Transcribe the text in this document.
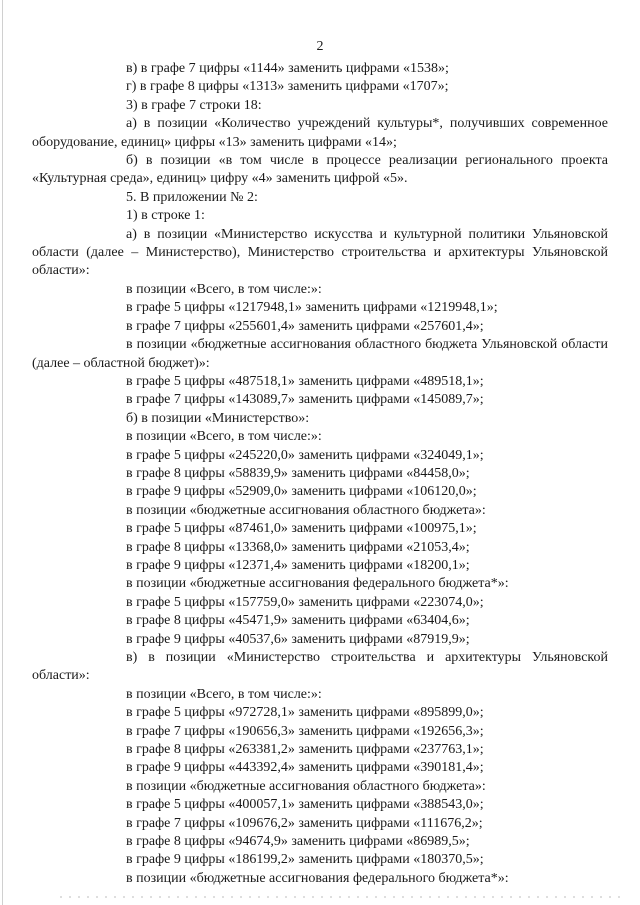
2

в) в графе 7 цифры «1144» заменить цифрами «1538»;

г) в графе 8 цифры «1313» заменить цифрами «1707»;

3) в графе 7 строки 18:

а) в позиции «Количество учреждений культуры*, получивших современное оборудование, единиц» цифры «13» заменить цифрами «14»;

б) в позиции «в том числе в процессе реализации регионального проекта «Культурная среда», единиц» цифру «4» заменить цифрой «5».

5. В приложении № 2:

1) в строке 1:

а) в позиции «Министерство искусства и культурной политики Ульяновской области (далее – Министерство), Министерство строительства и архитектуры Ульяновской области»:

в позиции «Всего, в том числе:»:

в графе 5 цифры «1217948,1» заменить цифрами «1219948,1»;

в графе 7 цифры «255601,4» заменить цифрами «257601,4»;

в позиции «бюджетные ассигнования областного бюджета Ульяновской области (далее – областной бюджет)»:

в графе 5 цифры «487518,1» заменить цифрами «489518,1»;

в графе 7 цифры «143089,7» заменить цифрами «145089,7»;

б) в позиции «Министерство»:

в позиции «Всего, в том числе:»:

в графе 5 цифры «245220,0» заменить цифрами «324049,1»;

в графе 8 цифры «58839,9» заменить цифрами «84458,0»;

в графе 9 цифры «52909,0» заменить цифрами «106120,0»;

в позиции «бюджетные ассигнования областного бюджета»:

в графе 5 цифры «87461,0» заменить цифрами «100975,1»;

в графе 8 цифры «13368,0» заменить цифрами «21053,4»;

в графе 9 цифры «12371,4» заменить цифрами «18200,1»;

в позиции «бюджетные ассигнования федерального бюджета*»:

в графе 5 цифры «157759,0» заменить цифрами «223074,0»;

в графе 8 цифры «45471,9» заменить цифрами «63404,6»;

в графе 9 цифры «40537,6» заменить цифрами «87919,9»;

в) в позиции «Министерство строительства и архитектуры Ульяновской области»:

в позиции «Всего, в том числе:»:

в графе 5 цифры «972728,1» заменить цифрами «895899,0»;

в графе 7 цифры «190656,3» заменить цифрами «192656,3»;

в графе 8 цифры «263381,2» заменить цифрами «237763,1»;

в графе 9 цифры «443392,4» заменить цифрами «390181,4»;

в позиции «бюджетные ассигнования областного бюджета»:

в графе 5 цифры «400057,1» заменить цифрами «388543,0»;

в графе 7 цифры «109676,2» заменить цифрами «111676,2»;

в графе 8 цифры «94674,9» заменить цифрами «86989,5»;

в графе 9 цифры «186199,2» заменить цифрами «180370,5»;

в позиции «бюджетные ассигнования федерального бюджета*»:
